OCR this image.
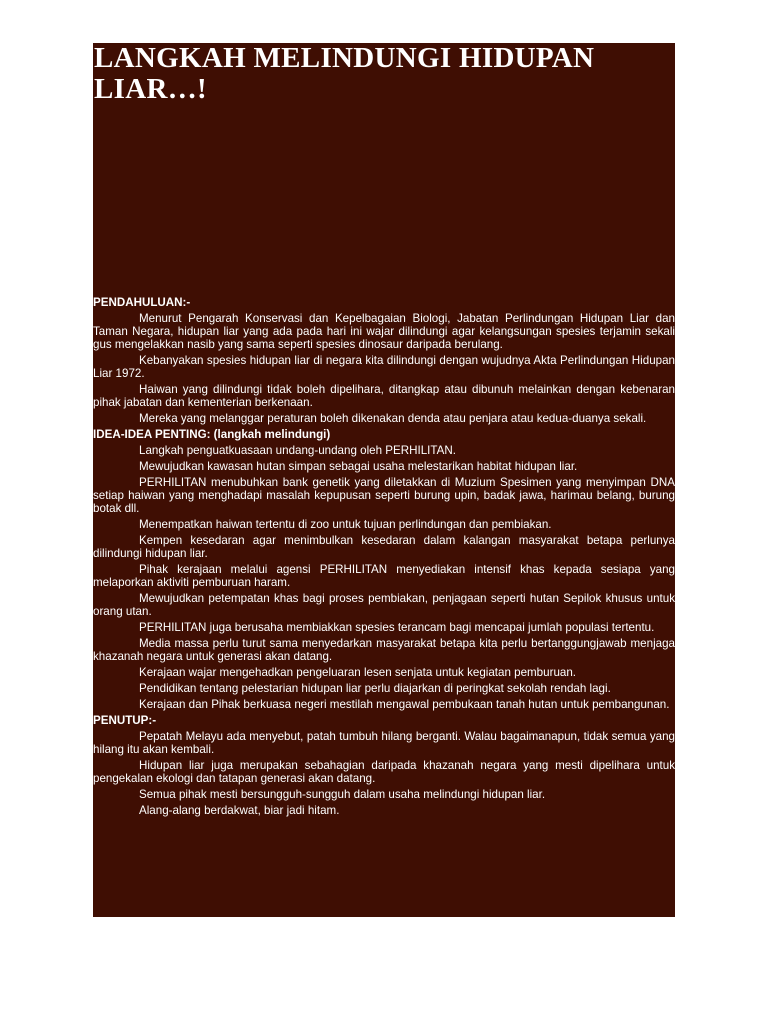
LANGKAH MELINDUNGI HIDUPAN LIAR…!
PENDAHULUAN:-
•	Menurut Pengarah Konservasi dan Kepelbagaian Biologi, Jabatan Perlindungan Hidupan Liar dan Taman Negara, hidupan liar yang ada pada hari ini wajar dilindungi agar kelangsungan spesies terjamin sekali gus mengelakkan nasib yang sama seperti spesies dinosaur daripada berulang.
•	Kebanyakan spesies hidupan liar di negara kita dilindungi dengan wujudnya Akta Perlindungan Hidupan Liar 1972.
•	Haiwan yang dilindungi tidak boleh dipelihara, ditangkap atau dibunuh melainkan dengan kebenaran pihak jabatan dan kementerian berkenaan.
•	Mereka yang melanggar peraturan boleh dikenakan denda atau penjara atau kedua-duanya sekali.
IDEA-IDEA PENTING: (langkah melindungi)
•	Langkah penguatkuasaan undang-undang oleh PERHILITAN.
•	Mewujudkan kawasan hutan simpan sebagai usaha melestarikan habitat hidupan liar.
•	PERHILITAN menubuhkan bank genetik yang diletakkan di Muzium Spesimen yang menyimpan DNA setiap haiwan yang menghadapi masalah kepupusan seperti burung upin, badak jawa, harimau belang, burung botak dll.
•	Menempatkan haiwan tertentu di zoo untuk tujuan perlindungan dan pembiakan.
•	Kempen kesedaran agar menimbulkan kesedaran dalam kalangan masyarakat betapa perlunya dilindungi hidupan liar.
•	Pihak kerajaan melalui agensi PERHILITAN menyediakan intensif khas kepada sesiapa yang melaporkan aktiviti pemburuan haram.
•	Mewujudkan petempatan khas bagi proses pembiakan, penjagaan seperti hutan Sepilok khusus untuk orang utan.
•	PERHILITAN juga berusaha membiakkan spesies terancam bagi mencapai jumlah populasi tertentu.
•	Media massa perlu turut sama menyedarkan masyarakat betapa kita perlu bertanggungjawab menjaga khazanah negara untuk generasi akan datang.
•	Kerajaan wajar mengehadkan pengeluaran lesen senjata untuk kegiatan pemburuan.
•	Pendidikan tentang pelestarian hidupan liar perlu diajarkan di peringkat sekolah rendah lagi.
•	Kerajaan dan Pihak berkuasa negeri mestilah mengawal pembukaan tanah hutan untuk pembangunan.
PENUTUP:-
•	Pepatah Melayu ada menyebut, patah tumbuh hilang berganti. Walau bagaimanapun, tidak semua yang hilang itu akan kembali.
•	Hidupan liar juga merupakan sebahagian daripada khazanah negara yang mesti dipelihara untuk pengekalan ekologi dan tatapan generasi akan datang.
•	Semua pihak mesti bersungguh-sungguh dalam usaha melindungi hidupan liar.
•	Alang-alang berdakwat, biar jadi hitam.
